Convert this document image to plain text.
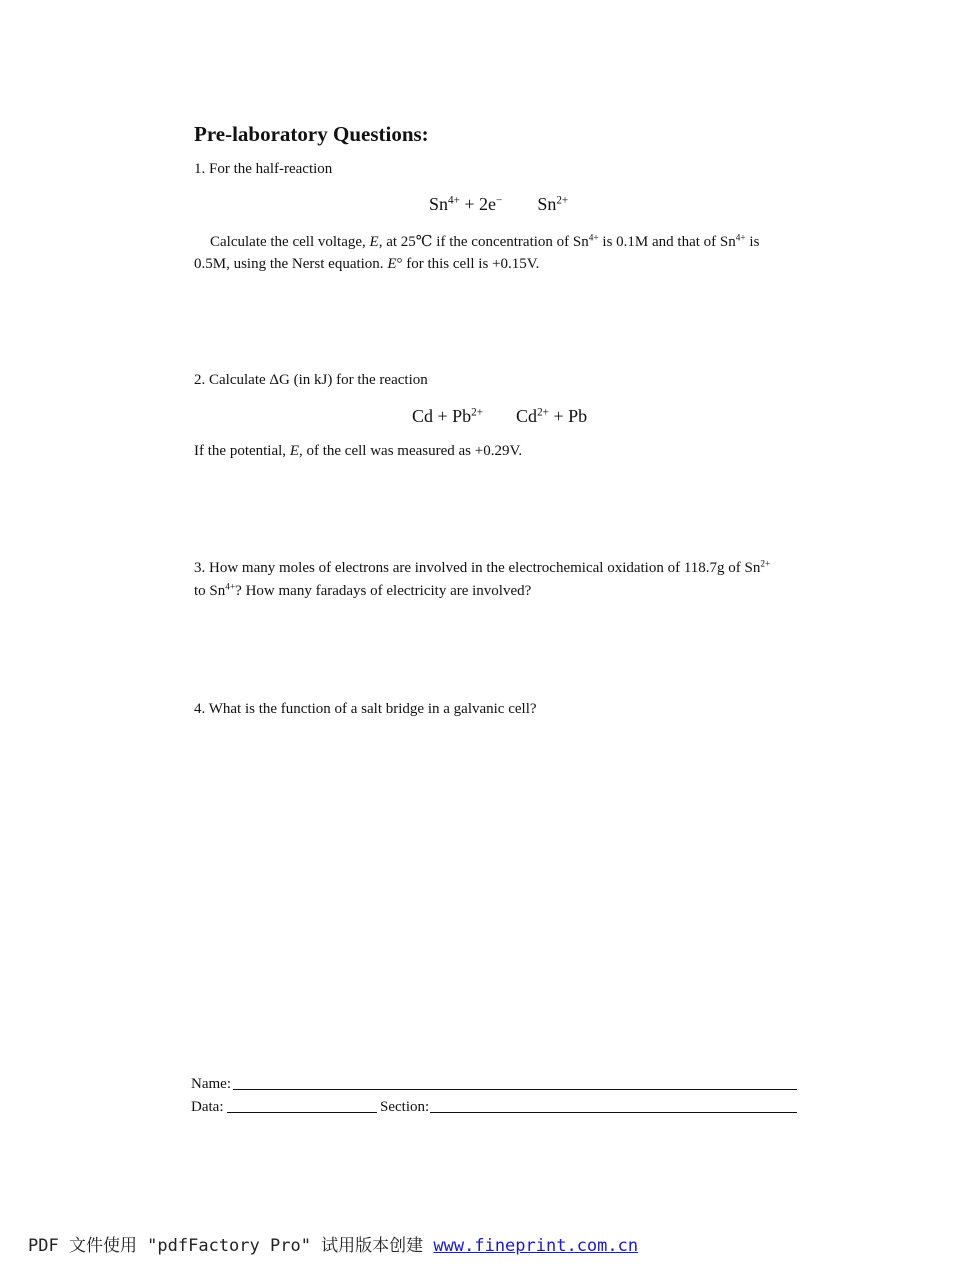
Pre-laboratory Questions:
1. For the half-reaction
$Sn^{4+} + 2e^-$ $Sn^{2+}$
Calculate the cell voltage, E, at 25℃ if the concentration of $Sn^{4+}$ is 0.1M and that of $Sn^{4+}$ is
0.5M, using the Nerst equation. E° for this cell is +0.15V.
2. Calculate ΔG (in kJ) for the reaction
$Cd + Pb^{2+}$ $Cd^{2+} + Pb$
If the potential, E, of the cell was measured as +0.29V.
3. How many moles of electrons are involved in the electrochemical oxidation of 118.7g of $Sn^{2+}$
to $Sn^{4+}$? How many faradays of electricity are involved?
4. What is the function of a salt bridge in a galvanic cell?
Name:
Data:	Section:
PDF 文件使用 "pdfFactory Pro" 试用版本创建 www.fineprint.com.cn
